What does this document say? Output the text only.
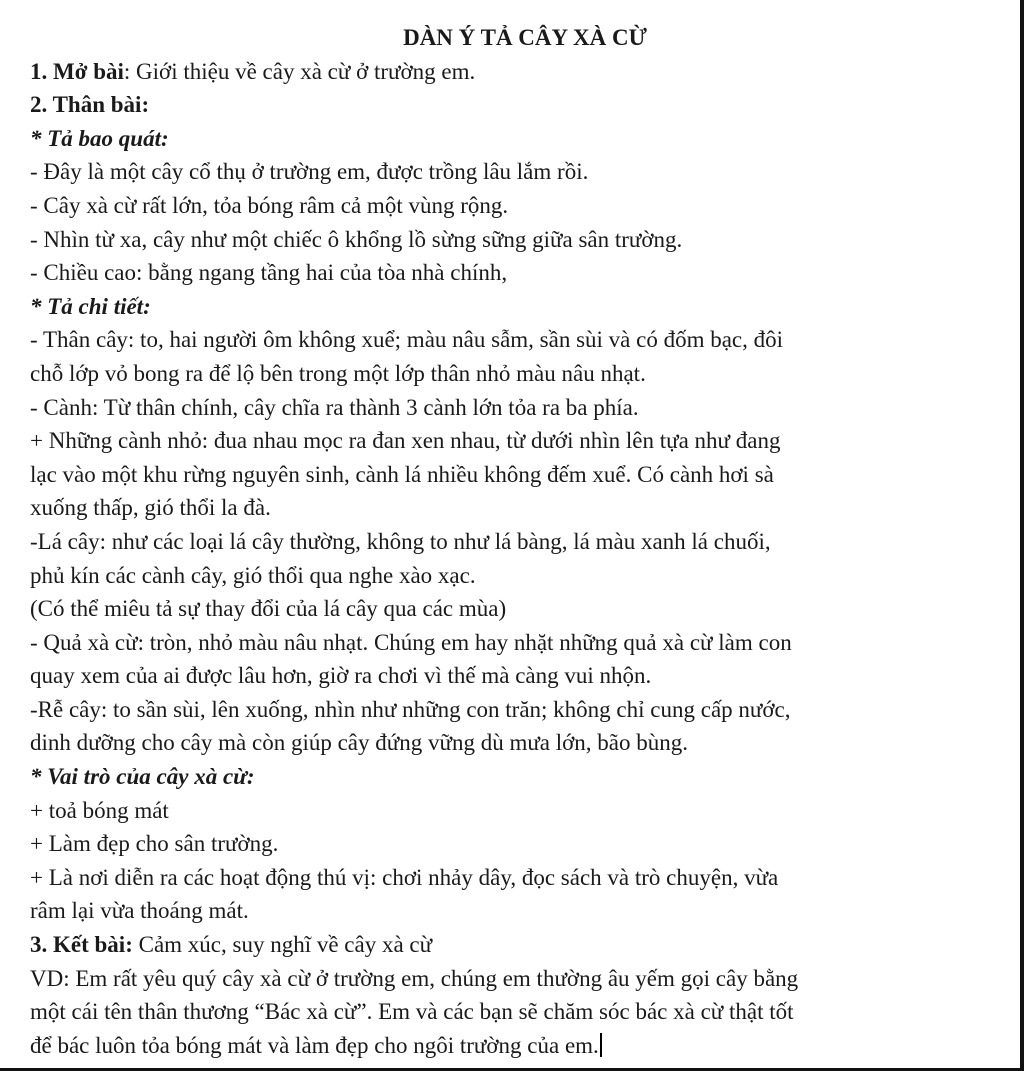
DÀN Ý TẢ CÂY XÀ CỪ

1. Mở bài: Giới thiệu về cây xà cừ ở trường em.

2. Thân bài:

* Tả bao quát:

- Đây là một cây cổ thụ ở trường em, được trồng lâu lắm rồi.

- Cây xà cừ rất lớn, tỏa bóng râm cả một vùng rộng.

- Nhìn từ xa, cây như một chiếc ô khổng lồ sừng sững giữa sân trường.

- Chiều cao: bằng ngang tầng hai của tòa nhà chính,

* Tả chi tiết:

- Thân cây: to, hai người ôm không xuể; màu nâu sẫm, sần sùi và có đốm bạc, đôi

chỗ lớp vỏ bong ra để lộ bên trong một lớp thân nhỏ màu nâu nhạt.

- Cành: Từ thân chính, cây chĩa ra thành 3 cành lớn tỏa ra ba phía.

+ Những cành nhỏ: đua nhau mọc ra đan xen nhau, từ dưới nhìn lên tựa như đang

lạc vào một khu rừng nguyên sinh, cành lá nhiều không đếm xuể. Có cành hơi sà

xuống thấp, gió thổi la đà.

-Lá cây: như các loại lá cây thường, không to như lá bàng, lá màu xanh lá chuối,

phủ kín các cành cây, gió thổi qua nghe xào xạc.

(Có thể miêu tả sự thay đổi của lá cây qua các mùa)

- Quả xà cừ: tròn, nhỏ màu nâu nhạt. Chúng em hay nhặt những quả xà cừ làm con

quay xem của ai được lâu hơn, giờ ra chơi vì thế mà càng vui nhộn.

-Rễ cây: to sần sùi, lên xuống, nhìn như những con trăn; không chỉ cung cấp nước,

dinh dưỡng cho cây mà còn giúp cây đứng vững dù mưa lớn, bão bùng.

* Vai trò của cây xà cừ:

+ toả bóng mát

+ Làm đẹp cho sân trường.

+ Là nơi diễn ra các hoạt động thú vị: chơi nhảy dây, đọc sách và trò chuyện, vừa

râm lại vừa thoáng mát.

3. Kết bài: Cảm xúc, suy nghĩ về cây xà cừ

VD: Em rất yêu quý cây xà cừ ở trường em, chúng em thường âu yếm gọi cây bằng

một cái tên thân thương “Bác xà cừ”. Em và các bạn sẽ chăm sóc bác xà cừ thật tốt

để bác luôn tỏa bóng mát và làm đẹp cho ngôi trường của em.
